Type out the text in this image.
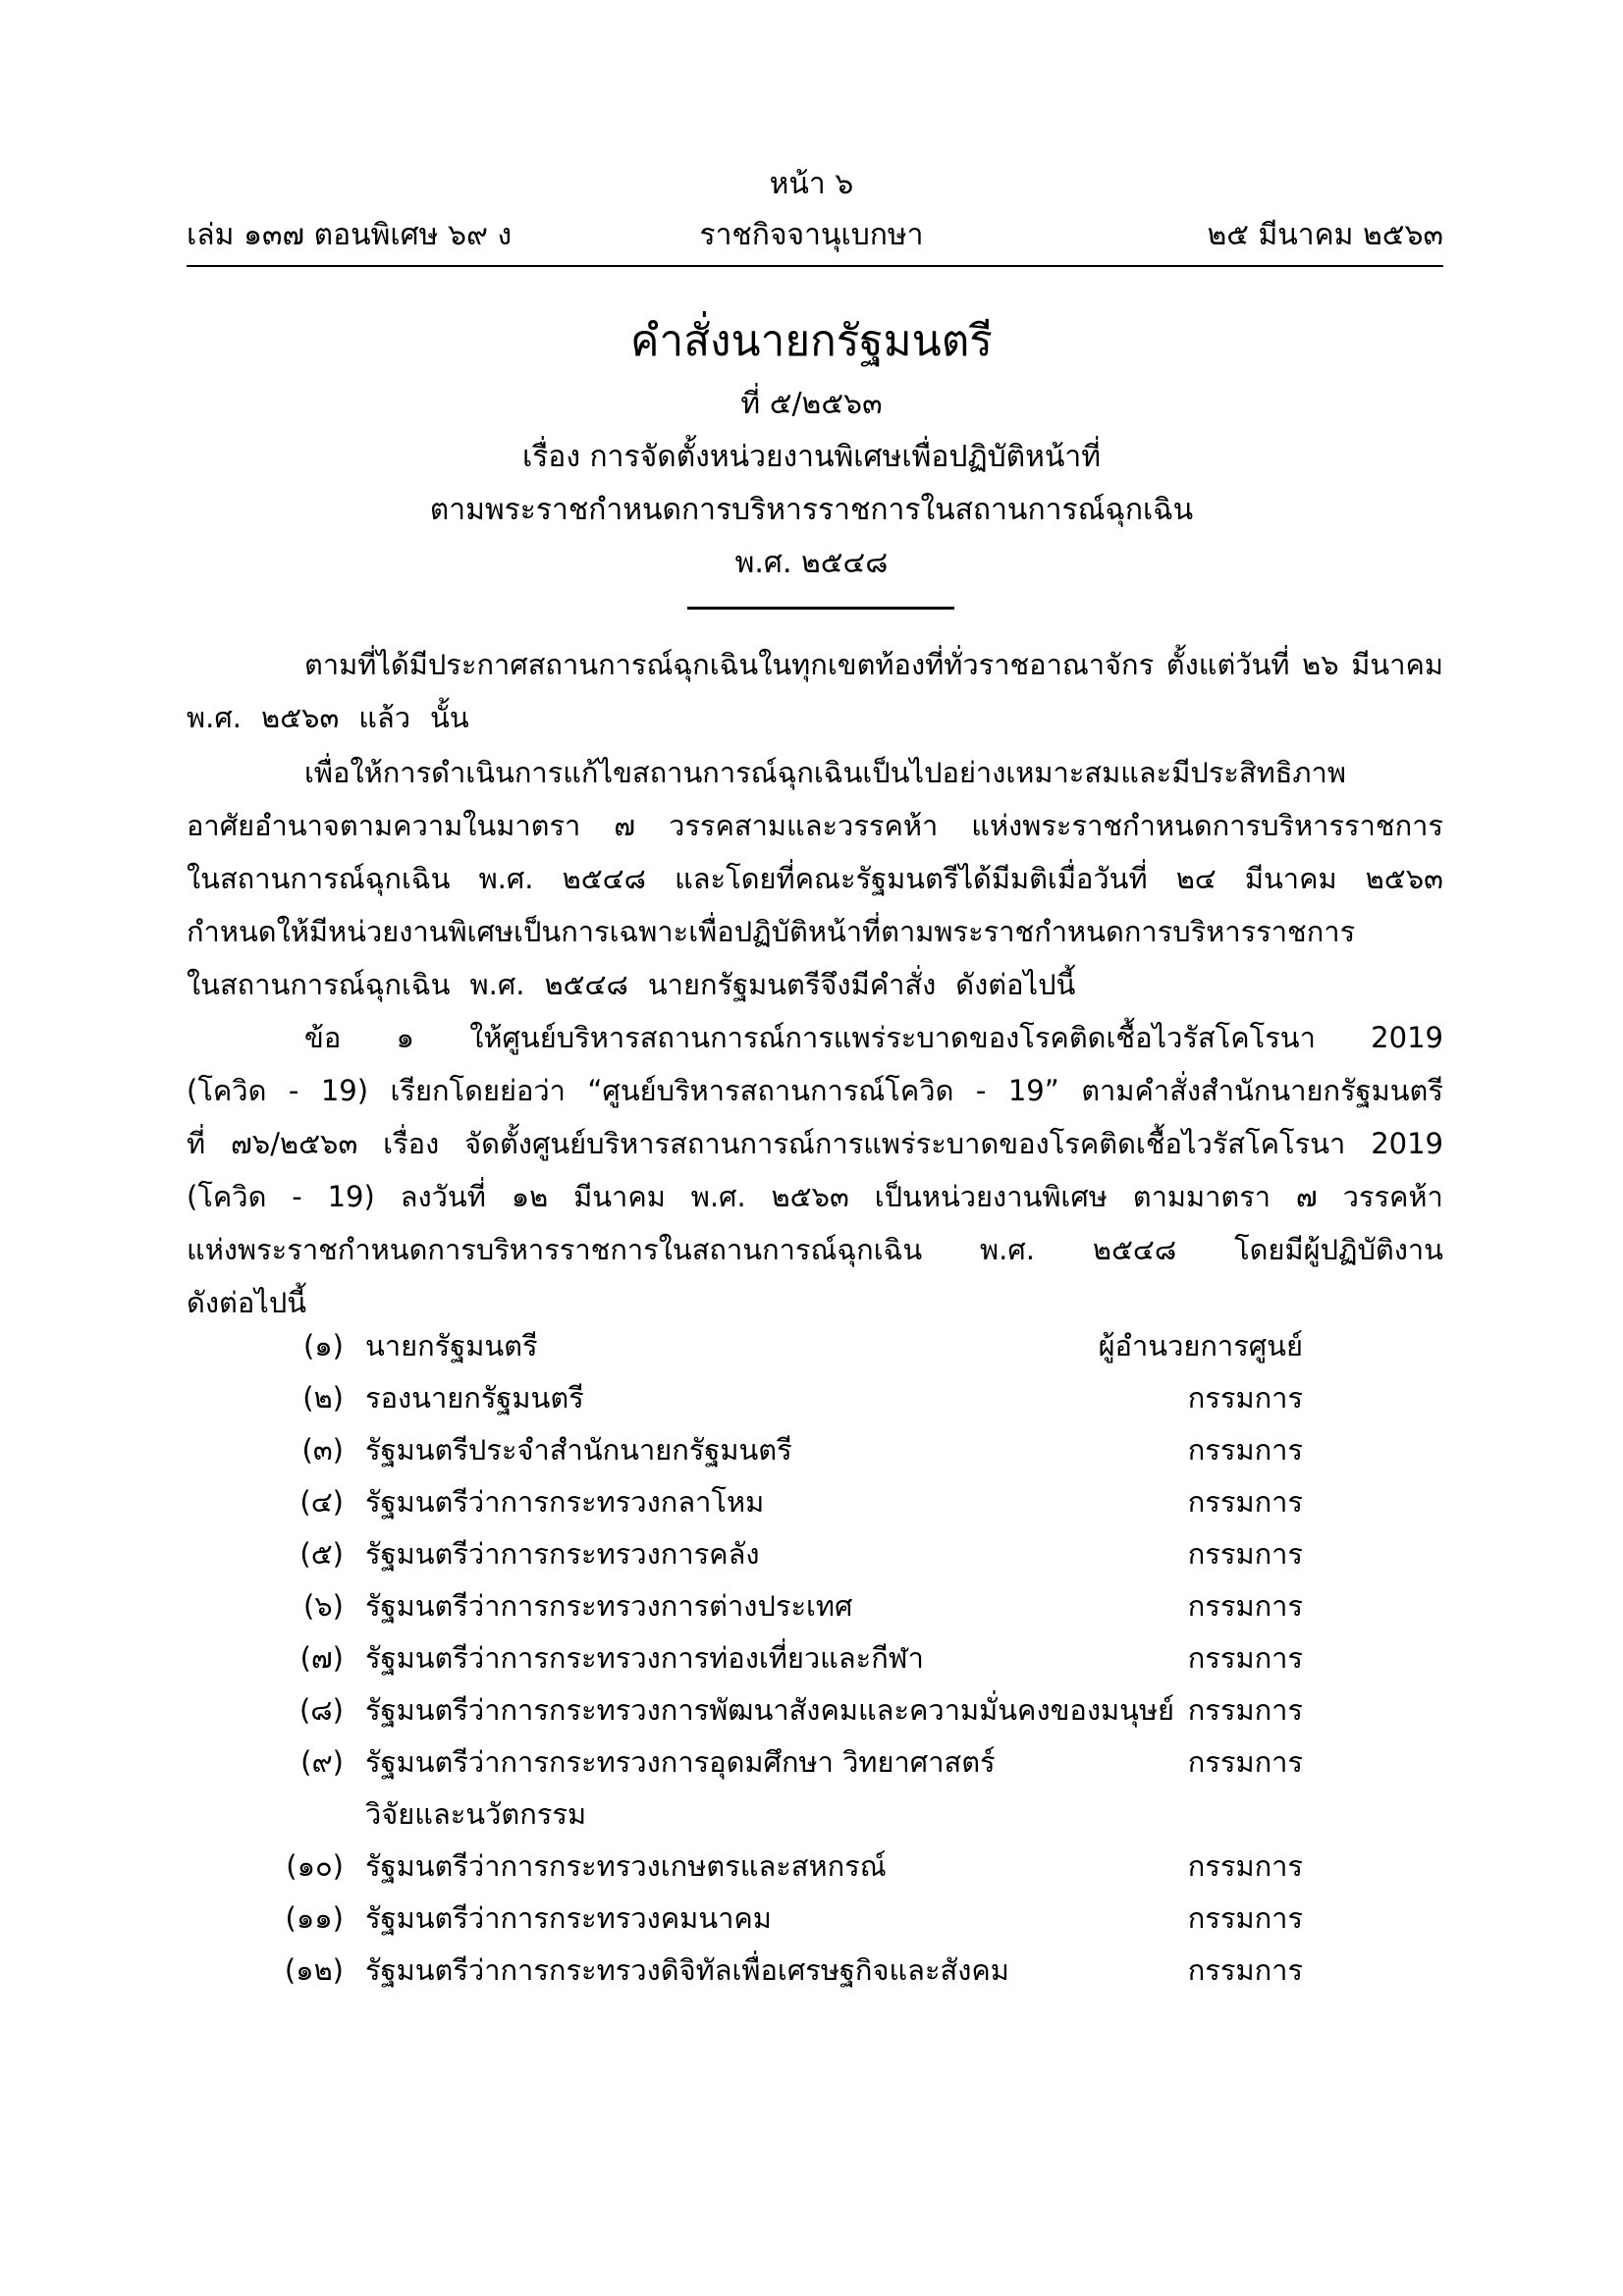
หน้า ๖
เล่ม ๑๓๗ ตอนพิเศษ ๖๙ ง	ราชกิจจานุเบกษา	๒๕ มีนาคม ๒๕๖๓
คำสั่งนายกรัฐมนตรี
ที่ ๕/๒๕๖๓
เรื่อง การจัดตั้งหน่วยงานพิเศษเพื่อปฏิบัติหน้าที่
ตามพระราชกำหนดการบริหารราชการในสถานการณ์ฉุกเฉิน
พ.ศ. ๒๕๔๘
ตามที่ได้มีประกาศสถานการณ์ฉุกเฉินในทุกเขตท้องที่ทั่วราชอาณาจักร ตั้งแต่วันที่ ๒๖ มีนาคม
พ.ศ. ๒๕๖๓ แล้ว นั้น
เพื่อให้การดำเนินการแก้ไขสถานการณ์ฉุกเฉินเป็นไปอย่างเหมาะสมและมีประสิทธิภาพ
อาศัยอำนาจตามความในมาตรา ๗ วรรคสามและวรรคห้า แห่งพระราชกำหนดการบริหารราชการ
ในสถานการณ์ฉุกเฉิน พ.ศ. ๒๕๔๘ และโดยที่คณะรัฐมนตรีได้มีมติเมื่อวันที่ ๒๔ มีนาคม ๒๕๖๓
กำหนดให้มีหน่วยงานพิเศษเป็นการเฉพาะเพื่อปฏิบัติหน้าที่ตามพระราชกำหนดการบริหารราชการ
ในสถานการณ์ฉุกเฉิน พ.ศ. ๒๕๔๘ นายกรัฐมนตรีจึงมีคำสั่ง ดังต่อไปนี้
ข้อ ๑ ให้ศูนย์บริหารสถานการณ์การแพร่ระบาดของโรคติดเชื้อไวรัสโคโรนา 2019
(โควิด - 19) เรียกโดยย่อว่า “ศูนย์บริหารสถานการณ์โควิด - 19” ตามคำสั่งสำนักนายกรัฐมนตรี
ที่ ๗๖/๒๕๖๓ เรื่อง จัดตั้งศูนย์บริหารสถานการณ์การแพร่ระบาดของโรคติดเชื้อไวรัสโคโรนา 2019
(โควิด - 19) ลงวันที่ ๑๒ มีนาคม พ.ศ. ๒๕๖๓ เป็นหน่วยงานพิเศษ ตามมาตรา ๗ วรรคห้า
แห่งพระราชกำหนดการบริหารราชการในสถานการณ์ฉุกเฉิน พ.ศ. ๒๕๔๘ โดยมีผู้ปฏิบัติงาน
ดังต่อไปนี้
(๑) นายกรัฐมนตรี	ผู้อำนวยการศูนย์
(๒) รองนายกรัฐมนตรี	กรรมการ
(๓) รัฐมนตรีประจำสำนักนายกรัฐมนตรี	กรรมการ
(๔) รัฐมนตรีว่าการกระทรวงกลาโหม	กรรมการ
(๕) รัฐมนตรีว่าการกระทรวงการคลัง	กรรมการ
(๖) รัฐมนตรีว่าการกระทรวงการต่างประเทศ	กรรมการ
(๗) รัฐมนตรีว่าการกระทรวงการท่องเที่ยวและกีฬา	กรรมการ
(๘) รัฐมนตรีว่าการกระทรวงการพัฒนาสังคมและความมั่นคงของมนุษย์ กรรมการ
(๙) รัฐมนตรีว่าการกระทรวงการอุดมศึกษา วิทยาศาสตร์	กรรมการ
วิจัยและนวัตกรรม
(๑๐) รัฐมนตรีว่าการกระทรวงเกษตรและสหกรณ์	กรรมการ
(๑๑) รัฐมนตรีว่าการกระทรวงคมนาคม	กรรมการ
(๑๒) รัฐมนตรีว่าการกระทรวงดิจิทัลเพื่อเศรษฐกิจและสังคม	กรรมการ
